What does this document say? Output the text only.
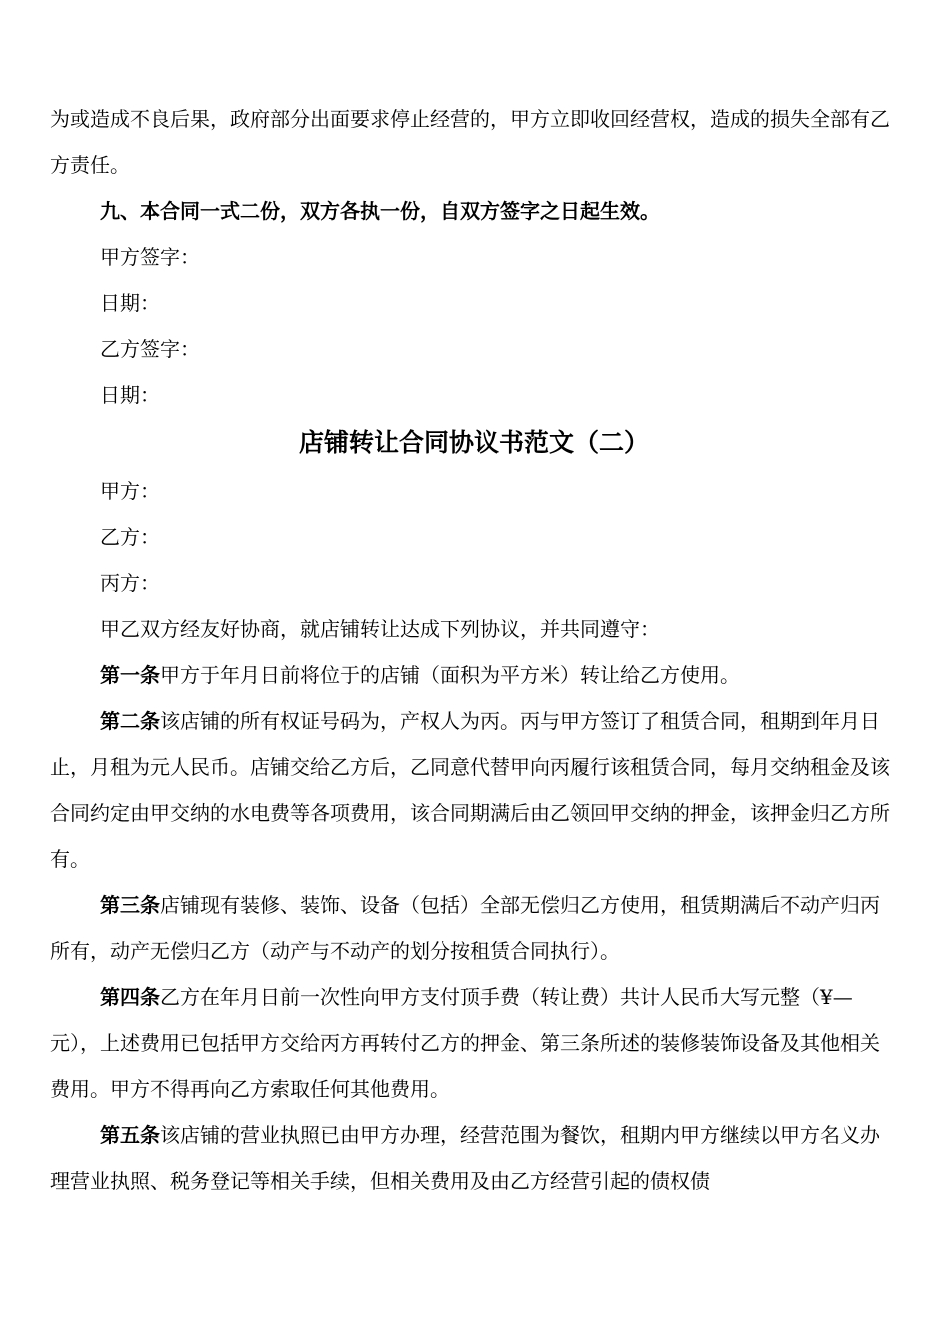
为或造成不良后果，政府部分出面要求停止经营的，甲方立即收回经营权，造成的损失全部有乙方责任。

九、本合同一式二份，双方各执一份，自双方签字之日起生效。

甲方签字：

日期：

乙方签字：

日期：

店铺转让合同协议书范文（二）

甲方：

乙方：

丙方：

甲乙双方经友好协商，就店铺转让达成下列协议，并共同遵守：

第一条甲方于年月日前将位于的店铺（面积为平方米）转让给乙方使用。

第二条该店铺的所有权证号码为，产权人为丙。丙与甲方签订了租赁合同，租期到年月日止，月租为元人民币。店铺交给乙方后，乙同意代替甲向丙履行该租赁合同，每月交纳租金及该合同约定由甲交纳的水电费等各项费用，该合同期满后由乙领回甲交纳的押金，该押金归乙方所有。

第三条店铺现有装修、装饰、设备（包括）全部无偿归乙方使用，租赁期满后不动产归丙所有，动产无偿归乙方（动产与不动产的划分按租赁合同执行）。

第四条乙方在年月日前一次性向甲方支付顶手费（转让费）共计人民币大写元整（¥—元），上述费用已包括甲方交给丙方再转付乙方的押金、第三条所述的装修装饰设备及其他相关费用。甲方不得再向乙方索取任何其他费用。

第五条该店铺的营业执照已由甲方办理，经营范围为餐饮，租期内甲方继续以甲方名义办理营业执照、税务登记等相关手续，但相关费用及由乙方经营引起的债权债
